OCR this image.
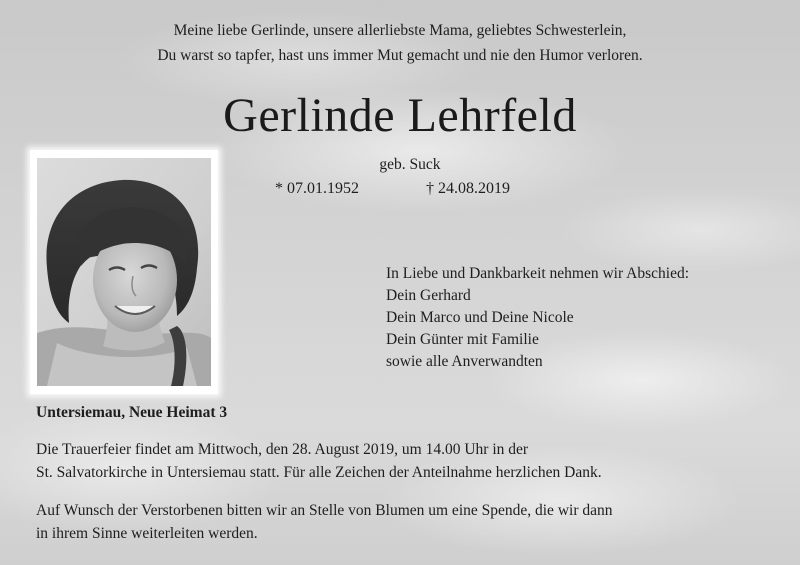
Meine liebe Gerlinde, unsere allerliebste Mama, geliebtes Schwesterlein,
Du warst so tapfer, hast uns immer Mut gemacht und nie den Humor verloren.
Gerlinde Lehrfeld
geb. Suck
* 07.01.1952	† 24.08.2019
In Liebe und Dankbarkeit nehmen wir Abschied:
Dein Gerhard
Dein Marco und Deine Nicole
Dein Günter mit Familie
sowie alle Anverwandten
Untersiemau, Neue Heimat 3
Die Trauerfeier findet am Mittwoch, den 28. August 2019, um 14.00 Uhr in der
St. Salvatorkirche in Untersiemau statt. Für alle Zeichen der Anteilnahme herzlichen Dank.
Auf Wunsch der Verstorbenen bitten wir an Stelle von Blumen um eine Spende, die wir dann
in ihrem Sinne weiterleiten werden.
